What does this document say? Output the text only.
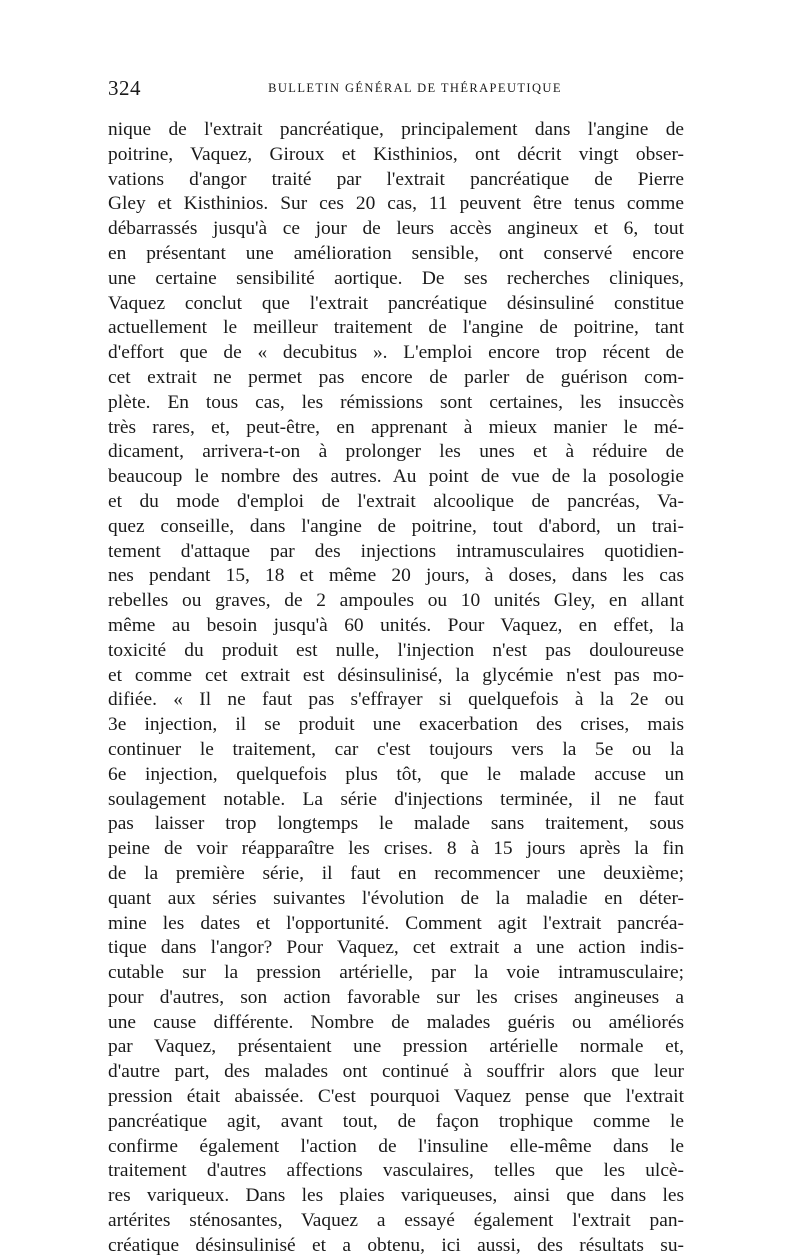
324	BULLETIN GÉNÉRAL DE THÉRAPEUTIQUE
nique de l'extrait pancréatique, principalement dans l'angine de
poitrine, Vaquez, Giroux et Kisthinios, ont décrit vingt obser-
vations d'angor traité par l'extrait pancréatique de Pierre
Gley et Kisthinios. Sur ces 20 cas, 11 peuvent être tenus comme
débarrassés jusqu'à ce jour de leurs accès angineux et 6, tout
en présentant une amélioration sensible, ont conservé encore
une certaine sensibilité aortique. De ses recherches cliniques,
Vaquez conclut que l'extrait pancréatique désinsuliné constitue
actuellement le meilleur traitement de l'angine de poitrine, tant
d'effort que de « decubitus ». L'emploi encore trop récent de
cet extrait ne permet pas encore de parler de guérison com-
plète. En tous cas, les rémissions sont certaines, les insuccès
très rares, et, peut-être, en apprenant à mieux manier le mé-
dicament, arrivera-t-on à prolonger les unes et à réduire de
beaucoup le nombre des autres. Au point de vue de la posologie
et du mode d'emploi de l'extrait alcoolique de pancréas, Va-
quez conseille, dans l'angine de poitrine, tout d'abord, un trai-
tement d'attaque par des injections intramusculaires quotidien-
nes pendant 15, 18 et même 20 jours, à doses, dans les cas
rebelles ou graves, de 2 ampoules ou 10 unités Gley, en allant
même au besoin jusqu'à 60 unités. Pour Vaquez, en effet, la
toxicité du produit est nulle, l'injection n'est pas douloureuse
et comme cet extrait est désinsulinisé, la glycémie n'est pas mo-
difiée. « Il ne faut pas s'effrayer si quelquefois à la 2e ou
3e injection, il se produit une exacerbation des crises, mais
continuer le traitement, car c'est toujours vers la 5e ou la
6e injection, quelquefois plus tôt, que le malade accuse un
soulagement notable. La série d'injections terminée, il ne faut
pas laisser trop longtemps le malade sans traitement, sous
peine de voir réapparaître les crises. 8 à 15 jours après la fin
de la première série, il faut en recommencer une deuxième;
quant aux séries suivantes l'évolution de la maladie en déter-
mine les dates et l'opportunité. Comment agit l'extrait pancréa-
tique dans l'angor? Pour Vaquez, cet extrait a une action indis-
cutable sur la pression artérielle, par la voie intramusculaire;
pour d'autres, son action favorable sur les crises angineuses a
une cause différente. Nombre de malades guéris ou améliorés
par Vaquez, présentaient une pression artérielle normale et,
d'autre part, des malades ont continué à souffrir alors que leur
pression était abaissée. C'est pourquoi Vaquez pense que l'extrait
pancréatique agit, avant tout, de façon trophique comme le
confirme également l'action de l'insuline elle-même dans le
traitement d'autres affections vasculaires, telles que les ulcè-
res variqueux. Dans les plaies variqueuses, ainsi que dans les
artérites sténosantes, Vaquez a essayé également l'extrait pan-
créatique désinsulinisé et a obtenu, ici aussi, des résultats su-
